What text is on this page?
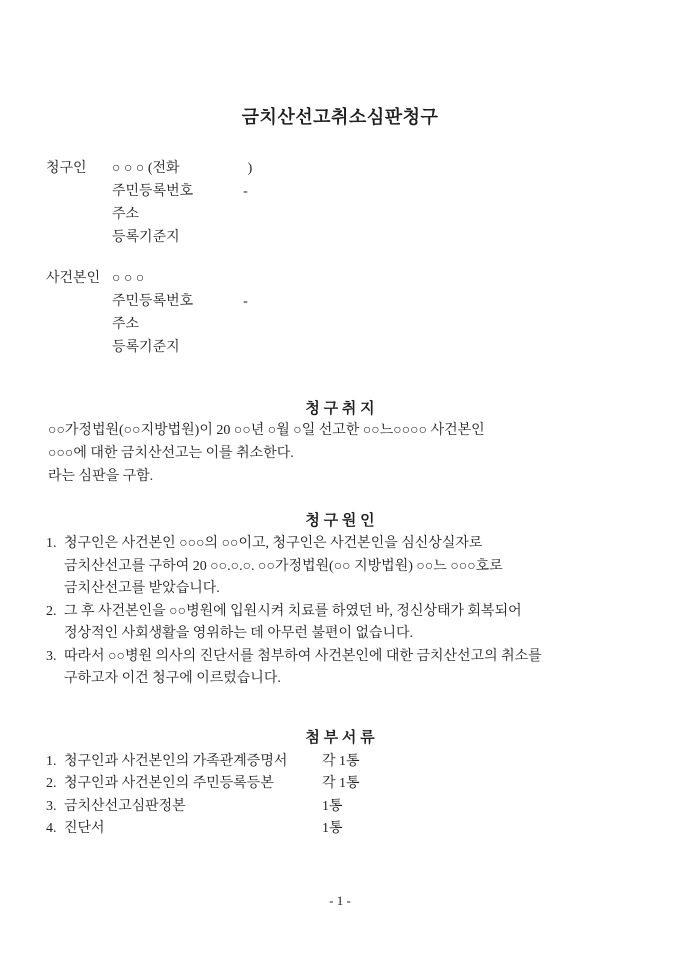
금치산선고취소심판청구
청구인 ○ ○ ○ (전화	)
주민등록번호	-
주소
등록기준지
사건본인 ○ ○ ○
주민등록번호	-
주소
등록기준지
청 구 취 지
○○가정법원(○○지방법원)이 20 ○○년 ○월 ○일 선고한 ○○느○○○○ 사건본인
○○○에 대한 금치산선고는 이를 취소한다.
라는 심판을 구함.
청 구 원 인
1. 청구인은 사건본인 ○○○의 ○○이고, 청구인은 사건본인을 심신상실자로
금치산선고를 구하여 20 ○○.○.○. ○○가정법원(○○ 지방법원) ○○느 ○○○호로
금치산선고를 받았습니다.
2. 그 후 사건본인을 ○○병원에 입원시켜 치료를 하였던 바, 정신상태가 회복되어
정상적인 사회생활을 영위하는 데 아무런 불편이 없습니다.
3. 따라서 ○○병원 의사의 진단서를 첨부하여 사건본인에 대한 금치산선고의 취소를
구하고자 이건 청구에 이르렀습니다.
첨 부 서 류
1. 청구인과 사건본인의 가족관계증명서 각 1통
2. 청구인과 사건본인의 주민등록등본	각 1통
3. 금치산선고심판정본	1통
4. 진단서	1통
- 1 -
